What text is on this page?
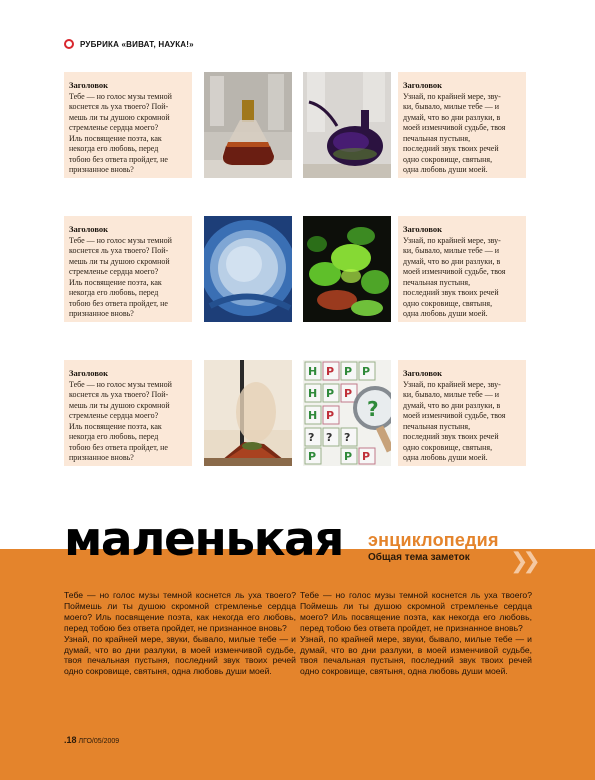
РУБРИКА «ВИВАТ, НАУКА!»
Заголовок
Тебе — но голос музы темной
коснется ль уха твоего? Пой-
мешь ли ты душою скромной
стремленье сердца моего?
Иль посвящение поэта, как
некогда его любовь, перед
тобою без ответа пройдет, не
признанное вновь?
Заголовок
Узнай, по крайней мере, зву-
ки, бывало, милые тебе — и
думай, что во дни разлуки, в
моей изменчивой судьбе, твоя
печальная пустыня,
последний звук твоих речей
одно сокровище, святыня,
одна любовь души моей.
Заголовок
Тебе — но голос музы темной
коснется ль уха твоего? Пой-
мешь ли ты душою скромной
стремленье сердца моего?
Иль посвящение поэта, как
некогда его любовь, перед
тобою без ответа пройдет, не
признанное вновь?
Заголовок
Узнай, по крайней мере, зву-
ки, бывало, милые тебе — и
думай, что во дни разлуки, в
моей изменчивой судьбе, твоя
печальная пустыня,
последний звук твоих речей
одно сокровище, святыня,
одна любовь души моей.
Заголовок
Тебе — но голос музы темной
коснется ль уха твоего? Пой-
мешь ли ты душою скромной
стремленье сердца моего?
Иль посвящение поэта, как
некогда его любовь, перед
тобою без ответа пройдет, не
признанное вновь?
H P P P
H P P
H P
? ? ?
P	P P
?
Заголовок
Узнай, по крайней мере, зву-
ки, бывало, милые тебе — и
думай, что во дни разлуки, в
моей изменчивой судьбе, твоя
печальная пустыня,
последний звук твоих речей
одно сокровище, святыня,
одна любовь души моей.
маленькая энциклопедия
Общая тема заметок ❯❯

Тебе — но голос музы темной коснется ль уха твоего? Поймешь ли ты душою скромной стремленье сердца моего? Иль посвящение поэта, как некогда его любовь, перед тобою без ответа пройдет, не признанное вновь?

Узнай, по крайней мере, звуки, бывало, милые тебе — и думай, что во дни разлуки, в моей изменчивой судьбе, твоя печальная пустыня, последний звук твоих речей одно сокровище, святыня, одна любовь души моей.

Тебе — но голос музы темной коснется ль уха твоего? Поймешь ли ты душою скромной стремленье сердца моего? Иль посвящение поэта, как некогда его любовь, перед тобою без ответа пройдет, не признанное вновь?

Узнай, по крайней мере, звуки, бывало, милые тебе — и думай, что во дни разлуки, в моей изменчивой судьбе, твоя печальная пустыня, последний звук твоих речей одно сокровище, святыня, одна любовь души моей.

.18 ЛГО/05/2009
